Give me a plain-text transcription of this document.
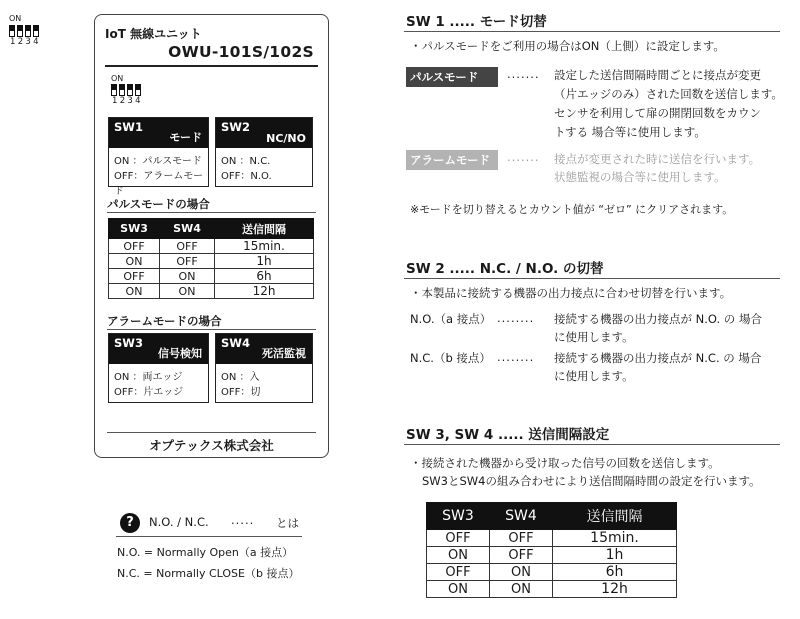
ON
1234
IoT 無線ユニット
OWU-101S/102S
ON
1234
SW1
モード
ON ：パルスモード
OFF：アラームモード
SW2
NC/NO
ON ：N.C.
OFF：N.O.
パルスモードの場合
SW3	SW4	送信間隔
OFF	OFF	15min.
ON	OFF	1h
OFF	ON	6h
ON	ON	12h
アラームモードの場合
SW3
信号検知
ON ：両エッジ
OFF：片エッジ
SW4
死活監視
ON ：入
OFF：切
オプテックス株式会社
?	N.O. / N.C. ..... とは
N.O. = Normally Open（a 接点）
N.C. = Normally CLOSE（b 接点）
SW 1 ..... モード切替
・パルスモードをご利用の場合はON（上側）に設定します。
パルスモード	....... 設定した送信間隔時間ごとに接点が変更
（片エッジのみ）された回数を送信します。
センサを利用して扉の開閉回数をカウン
トする 場合等に使用します。
アラームモード	....... 接点が変更された時に送信を行います。
状態監視の場合等に使用します。
※モードを切り替えるとカウント値が “ゼロ” にクリアされます。
SW 2 ..... N.C. / N.O. の切替
・本製品に接続する機器の出力接点に合わせ切替を行います。
N.O.（a 接点） ........ 接続する機器の出力接点が N.O. の 場合
に使用します。
N.C.（b 接点） ........ 接続する機器の出力接点が N.C. の 場合
に使用します。
SW 3, SW 4 ..... 送信間隔設定
・接続された機器から受け取った信号の回数を送信します。
SW3とSW4の組み合わせにより送信間隔時間の設定を行います。
SW3	SW4	送信間隔
OFF	OFF	15min.
ON	OFF	1h
OFF	ON	6h
ON	ON	12h
